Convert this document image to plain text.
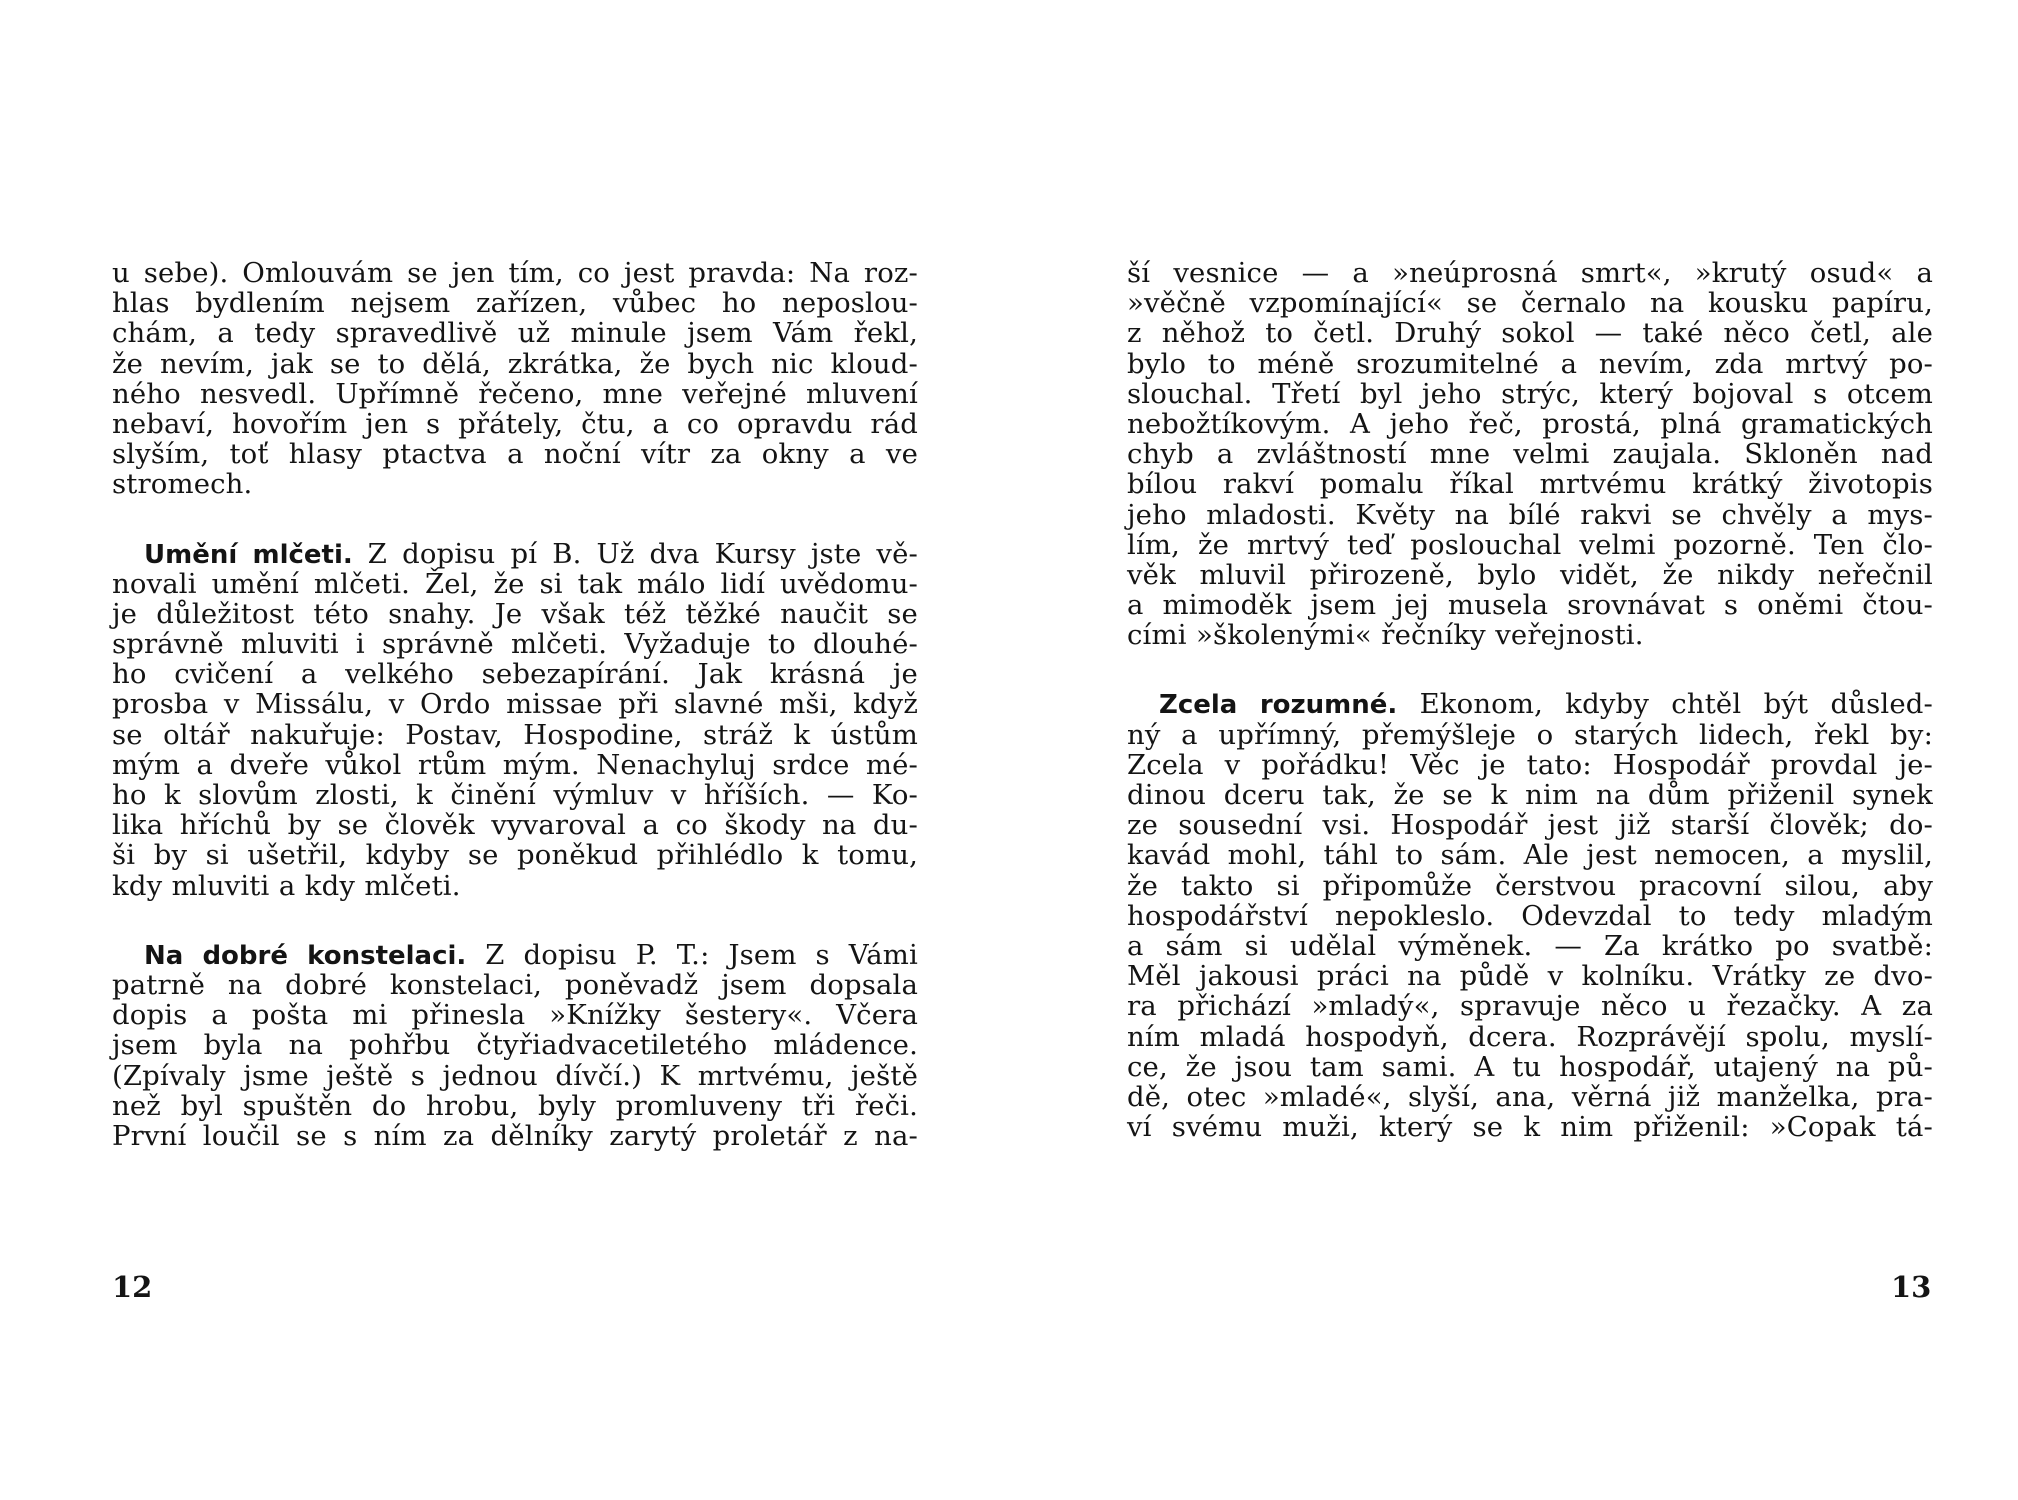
u sebe). Omlouvám se jen tím, co jest pravda: Na roz-
hlas bydlením nejsem zařízen, vůbec ho neposlou-
chám, a tedy spravedlivě už minule jsem Vám řekl,
že nevím, jak se to dělá, zkrátka, že bych nic kloud-
ného nesvedl. Upřímně řečeno, mne veřejné mluvení
nebaví, hovořím jen s přátely, čtu, a co opravdu rád
slyším, toť hlasy ptactva a noční vítr za okny a ve
stromech.
Umění mlčeti. Z dopisu pí B. Už dva Kursy jste vě-
novali umění mlčeti. Žel, že si tak málo lidí uvědomu-
je důležitost této snahy. Je však též těžké naučit se
správně mluviti i správně mlčeti. Vyžaduje to dlouhé-
ho cvičení a velkého sebezapírání. Jak krásná je
prosba v Missálu, v Ordo missae při slavné mši, když
se oltář nakuřuje: Postav, Hospodine, stráž k ústům
mým a dveře vůkol rtům mým. Nenachyluj srdce mé-
ho k slovům zlosti, k činění výmluv v hříších. — Ko-
lika hříchů by se člověk vyvaroval a co škody na du-
ši by si ušetřil, kdyby se poněkud přihlédlo k tomu,
kdy mluviti a kdy mlčeti.
Na dobré konstelaci. Z dopisu P. T.: Jsem s Vámi
patrně na dobré konstelaci, poněvadž jsem dopsala
dopis a pošta mi přinesla »Knížky šestery«. Včera
jsem byla na pohřbu čtyřiadvacetiletého mládence.
(Zpívaly jsme ještě s jednou dívčí.) K mrtvému, ještě
než byl spuštěn do hrobu, byly promluveny tři řeči.
První loučil se s ním za dělníky zarytý proletář z na-
12
ší vesnice — a »neúprosná smrt«, »krutý osud« a
»věčně vzpomínající« se černalo na kousku papíru,
z něhož to četl. Druhý sokol — také něco četl, ale
bylo to méně srozumitelné a nevím, zda mrtvý po-
slouchal. Třetí byl jeho strýc, který bojoval s otcem
nebožtíkovým. A jeho řeč, prostá, plná gramatických
chyb a zvláštností mne velmi zaujala. Skloněn nad
bílou rakví pomalu říkal mrtvému krátký životopis
jeho mladosti. Květy na bílé rakvi se chvěly a mys-
lím, že mrtvý teď poslouchal velmi pozorně. Ten člo-
věk mluvil přirozeně, bylo vidět, že nikdy neřečnil
a mimoděk jsem jej musela srovnávat s oněmi čtou-
cími »školenými« řečníky veřejnosti.
Zcela rozumné. Ekonom, kdyby chtěl být důsled-
ný a upřímný, přemýšleje o starých lidech, řekl by:
Zcela v pořádku! Věc je tato: Hospodář provdal je-
dinou dceru tak, že se k nim na dům přiženil synek
ze sousední vsi. Hospodář jest již starší člověk; do-
kavád mohl, táhl to sám. Ale jest nemocen, a myslil,
že takto si připomůže čerstvou pracovní silou, aby
hospodářství nepokleslo. Odevzdal to tedy mladým
a sám si udělal výměnek. — Za krátko po svatbě:
Měl jakousi práci na půdě v kolníku. Vrátky ze dvo-
ra přichází »mladý«, spravuje něco u řezačky. A za
ním mladá hospodyň, dcera. Rozprávějí spolu, myslí-
ce, že jsou tam sami. A tu hospodář, utajený na pů-
dě, otec »mladé«, slyší, ana, věrná již manželka, pra-
ví svému muži, který se k nim přiženil: »Copak tá-
13
